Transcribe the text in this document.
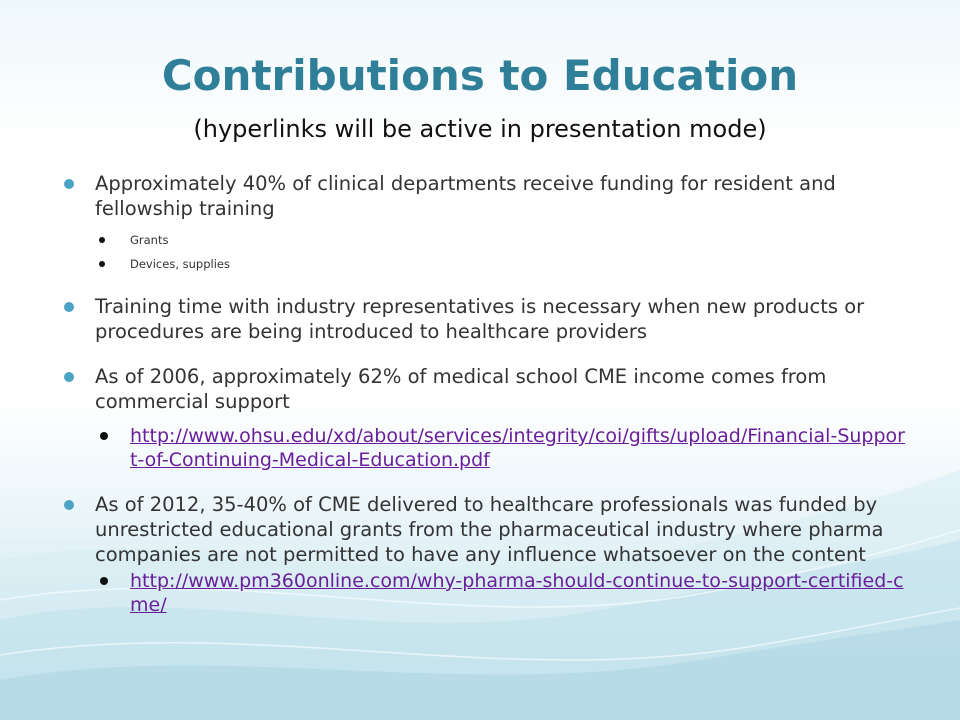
Contributions to Education
(hyperlinks will be active in presentation mode)
Approximately 40% of clinical departments receive funding for resident and fellowship training
Grants
Devices, supplies
Training time with industry representatives is necessary when new products or procedures are being introduced to healthcare providers
As of 2006, approximately 62% of medical school CME income comes from commercial support
http://www.ohsu.edu/xd/about/services/integrity/coi/gifts/upload/Financial-Support-of-Continuing-Medical-Education.pdf
As of 2012, 35-40% of CME delivered to healthcare professionals was funded by unrestricted educational grants from the pharmaceutical industry where pharma companies are not permitted to have any influence whatsoever on the content
http://www.pm360online.com/why-pharma-should-continue-to-support-certified-cme/
